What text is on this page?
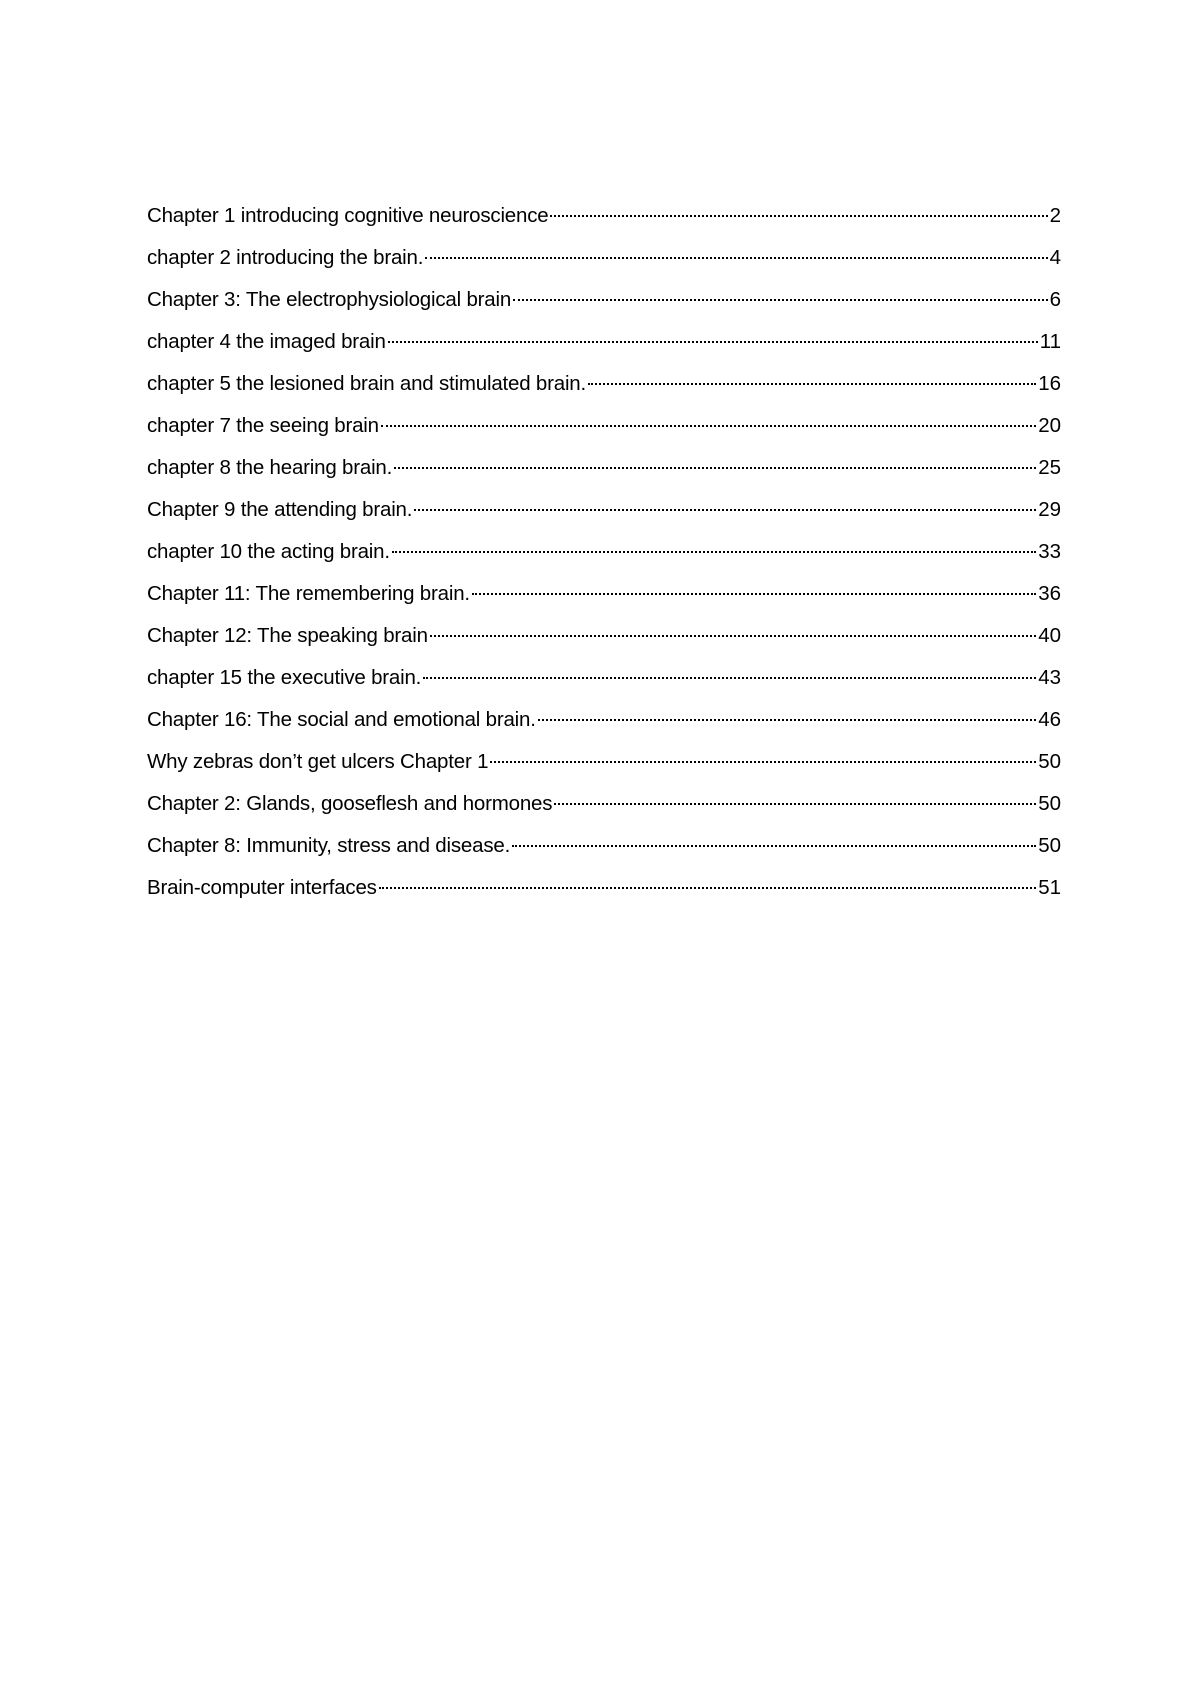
Chapter 1 introducing cognitive neuroscience	2
chapter 2 introducing the brain.	4
Chapter 3: The electrophysiological brain	6
chapter 4 the imaged brain	11
chapter 5 the lesioned brain and stimulated brain.	16
chapter 7 the seeing brain	20
chapter 8 the hearing brain.	25
Chapter 9 the attending brain.	29
chapter 10 the acting brain.	33
Chapter 11: The remembering brain.	36
Chapter 12: The speaking brain	40
chapter 15 the executive brain.	43
Chapter 16: The social and emotional brain.	46
Why zebras don’t get ulcers Chapter 1	50
Chapter 2: Glands, gooseflesh and hormones	50
Chapter 8: Immunity, stress and disease.	50
Brain-computer interfaces	51
